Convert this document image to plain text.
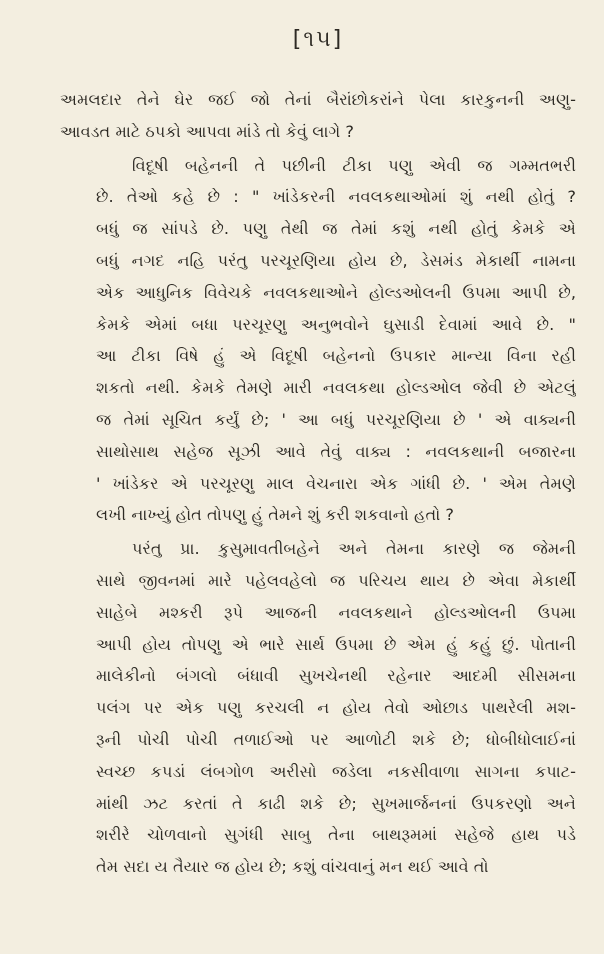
[૧૫]
અમલદાર તેને ઘેર જઈ જો તેનાં બૈરાંછોકરાંને પેલા કારકુનની અણુ-
આવડત માટે ઠપકો આપવા માંડે તો કેવું લાગે ?
વિદૂષી બહેનની તે પછીની ટીકા પણુ એવી જ ગમ્મતભરી
છે. તેઓ કહે છે : " ખાંડેકરની નવલકથાઓમાં શું નથી હોતું ?
બધું જ સાંપડે છે. પણુ તેથી જ તેમાં કશું નથી હોતું કેમકે એ
બધું નગદ નહિ પરંતુ પરચૂરણિયા હોય છે, ડેસમંડ મેકાર્થી નામના
એક આધુનિક વિવેચકે નવલકથાઓને હોલ્ડઓલની ઉપમા આપી છે,
કેમકે એમાં બધા પરચૂરણુ અનુભવોને ઘુસાડી દેવામાં આવે છે. "
આ ટીકા વિષે હું એ વિદૂષી બહેનનો ઉપકાર માન્યા વિના રહી
શકતો નથી. કેમકે તેમણે મારી નવલકથા હોલ્ડઓલ જેવી છે એટલું
જ તેમાં સૂચિત કર્યું છે; ' આ બધું પરચૂરણિયા છે ' એ વાક્યની
સાથોસાથ સહેજ સૂઝી આવે તેવું વાક્ય : નવલકથાની બજારના
' ખાંડેકર એ પરચૂરણુ માલ વેચનારા એક ગાંધી છે. ' એમ તેમણે
લખી નાખ્યું હોત તોપણુ હું તેમને શું કરી શકવાનો હતો ?
પરંતુ પ્રા. કુસુમાવતીબહેને અને તેમના કારણે જ જેમની
સાથે જીવનમાં મારે પહેલવહેલો જ પરિચય થાય છે એવા મેકાર્થી
સાહેબે મશ્કરી રૂપે આજની નવલકથાને હોલ્ડઓલની ઉપમા
આપી હોય તોપણુ એ ભારે સાર્થ ઉપમા છે એમ હું કહું છું. પોતાની
માલેકીનો બંગલો બંધાવી સુખચેનથી રહેનાર આદમી સીસમના
પલંગ પર એક પણુ કરચલી ન હોય તેવો ઓછાડ પાથરેલી મશ-
રૂની પોચી પોચી તળાઈઓ પર આળોટી શકે છે; ધોબીધોલાઈનાં
સ્વચ્છ કપડાં લંબગોળ અરીસો જડેલા નકસીવાળા સાગના કપાટ-
માંથી ઝટ કરતાં તે કાઢી શકે છે; સુખમાર્જનનાં ઉપકરણો અને
શરીરે ચોળવાનો સુગંધી સાબુ તેના બાથરૂમમાં સહેજે હાથ પડે
તેમ સદા ય તૈયાર જ હોય છે; કશું વાંચવાનું મન થઈ આવે તો
